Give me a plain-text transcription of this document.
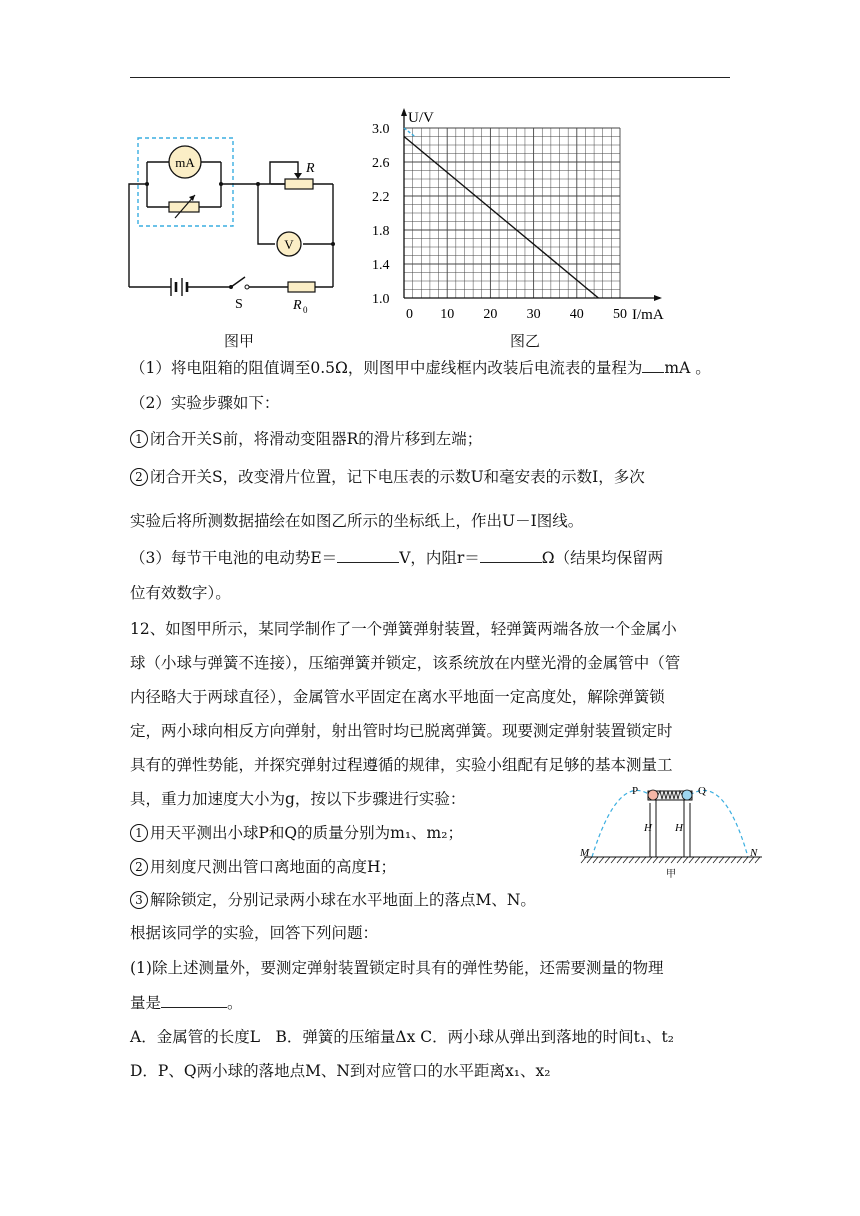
mA	R
V
S	R 0
图甲
3.0
2.6
2.2
1.8
1.4
1.0
0 10 20 30 40 50
U/V
I/mA
图乙
（1）将电阻箱的阻值调至0.5Ω，则图甲中虚线框内改装后电流表的量程为 mA 。
（2）实验步骤如下：
1 闭合开关S前，将滑动变阻器R的滑片移到左端；
2 闭合开关S，改变滑片位置，记下电压表的示数U和毫安表的示数I，多次
实验后将所测数据描绘在如图乙所示的坐标纸上，作出U－I图线。
（3）每节干电池的电动势E＝	V，内阻r＝	Ω（结果均保留两
位有效数字）。
12、如图甲所示，某同学制作了一个弹簧弹射装置，轻弹簧两端各放一个金属小
球（小球与弹簧不连接），压缩弹簧并锁定，该系统放在内壁光滑的金属管中（管
内径略大于两球直径），金属管水平固定在离水平地面一定高度处，解除弹簧锁
定，两小球向相反方向弹射，射出管时均已脱离弹簧。现要测定弹射装置锁定时
具有的弹性势能，并探究弹射过程遵循的规律，实验小组配有足够的基本测量工
具，重力加速度大小为g，按以下步骤进行实验：
1 用天平测出小球P和Q的质量分别为m₁、m₂；
2 用刻度尺测出管口离地面的高度H；
3 解除锁定，分别记录两小球在水平地面上的落点M、N。
根据该同学的实验，回答下列问题：
(1)除上述测量外，要测定弹射装置锁定时具有的弹性势能，还需要测量的物理
量是	。
A．金属管的长度L　B．弹簧的压缩量Δx C．两小球从弹出到落地的时间t₁、t₂
D．P、Q两小球的落地点M、N到对应管口的水平距离x₁、x₂
P	Q
H H
M	N
甲
